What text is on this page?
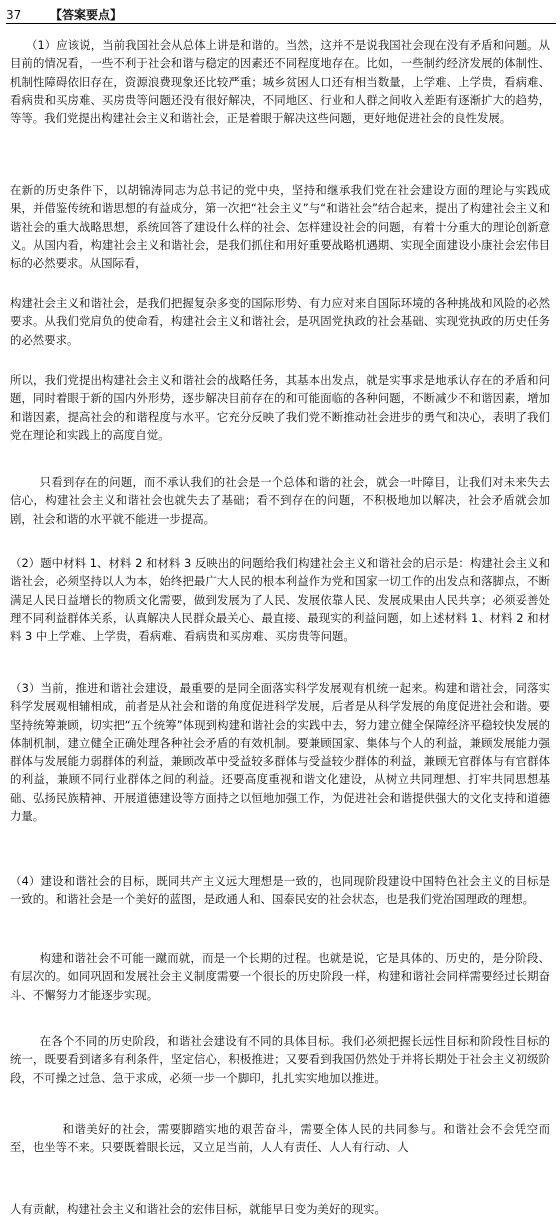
37 【答案要点】

（1）应该说，当前我国社会从总体上讲是和谐的。当然，这并不是说我国社会现在没有矛盾和问题。从目前的情况看，一些不利于社会和谐与稳定的因素还不同程度地存在。比如，一些制约经济发展的体制性、机制性障碍依旧存在，资源浪费现象还比较严重；城乡贫困人口还有相当数量，上学难、上学贵，看病难、看病贵和买房难、买房贵等问题还没有很好解决，不同地区、行业和人群之间收入差距有逐渐扩大的趋势，等等。我们党提出构建社会主义和谐社会，正是着眼于解决这些问题，更好地促进社会的良性发展。

在新的历史条件下，以胡锦涛同志为总书记的党中央，坚持和继承我们党在社会建设方面的理论与实践成果，并借鉴传统和谐思想的有益成分，第一次把“社会主义”与“和谐社会”结合起来，提出了构建社会主义和谐社会的重大战略思想，系统回答了建设什么样的社会、怎样建设社会的问题，有着十分重大的理论创新意义。从国内看，构建社会主义和谐社会，是我们抓住和用好重要战略机遇期、实现全面建设小康社会宏伟目标的必然要求。从国际看，

构建社会主义和谐社会，是我们把握复杂多变的国际形势、有力应对来自国际环境的各种挑战和风险的必然要求。从我们党肩负的使命看，构建社会主义和谐社会，是巩固党执政的社会基础、实现党执政的历史任务的必然要求。

所以，我们党提出构建社会主义和谐社会的战略任务，其基本出发点，就是实事求是地承认存在的矛盾和问题，同时着眼于新的国内外形势，逐步解决目前存在的和可能面临的各种问题，不断减少不和谐因素，增加和谐因素，提高社会的和谐程度与水平。它充分反映了我们党不断推动社会进步的勇气和决心，表明了我们党在理论和实践上的高度自觉。

只看到存在的问题，而不承认我们的社会是一个总体和谐的社会，就会一叶障目，让我们对未来失去信心，构建社会主义和谐社会也就失去了基础；看不到存在的问题，不积极地加以解决，社会矛盾就会加剧，社会和谐的水平就不能进一步提高。

（2）题中材料 1、材料 2 和材料 3 反映出的问题给我们构建社会主义和谐社会的启示是：构建社会主义和谐社会，必须坚持以人为本，始终把最广大人民的根本利益作为党和国家一切工作的出发点和落脚点，不断满足人民日益增长的物质文化需要，做到发展为了人民、发展依靠人民、发展成果由人民共享；必须妥善处理不同利益群体关系，认真解决人民群众最关心、最直接、最现实的利益问题，如上述材料 1、材料 2 和材料 3 中上学难、上学贵，看病难、看病贵和买房难、买房贵等问题。

（3）当前，推进和谐社会建设，最重要的是同全面落实科学发展观有机统一起来。构建和谐社会，同落实科学发展观相辅相成，前者是从社会和谐的角度促进科学发展，后者是从科学发展的角度促进社会和谐。要坚持统筹兼顾，切实把“五个统筹”体现到构建和谐社会的实践中去，努力建立健全保障经济平稳较快发展的体制机制，建立健全正确处理各种社会矛盾的有效机制。要兼顾国家、集体与个人的利益，兼顾发展能力强群体与发展能力弱群体的利益，兼顾改革中受益较多群体与受益较少群体的利益，兼顾无官群体与有官群体的利益，兼顾不同行业群体之间的利益。还要高度重视和谐文化建设，从树立共同理想、打牢共同思想基础、弘扬民族精神、开展道德建设等方面持之以恒地加强工作，为促进社会和谐提供强大的文化支持和道德力量。

（4）建设和谐社会的目标，既同共产主义远大理想是一致的，也同现阶段建设中国特色社会主义的目标是一致的。和谐社会是一个美好的蓝图，是政通人和、国泰民安的社会状态，也是我们党治国理政的理想。

构建和谐社会不可能一蹴而就，而是一个长期的过程。也就是说，它是具体的、历史的，是分阶段、有层次的。如同巩固和发展社会主义制度需要一个很长的历史阶段一样，构建和谐社会同样需要经过长期奋斗、不懈努力才能逐步实现。

在各个不同的历史阶段，和谐社会建设有不同的具体目标。我们必须把握长远性目标和阶段性目标的统一，既要看到诸多有利条件，坚定信心，积极推进；又要看到我国仍然处于并将长期处于社会主义初级阶段，不可操之过急、急于求成，必须一步一个脚印，扎扎实实地加以推进。

和谐美好的社会，需要脚踏实地的艰苦奋斗，需要全体人民的共同参与。和谐社会不会凭空而至，也坐等不来。只要既着眼长远，又立足当前，人人有责任、人人有行动、人

人有贡献，构建社会主义和谐社会的宏伟目标，就能早日变为美好的现实。
